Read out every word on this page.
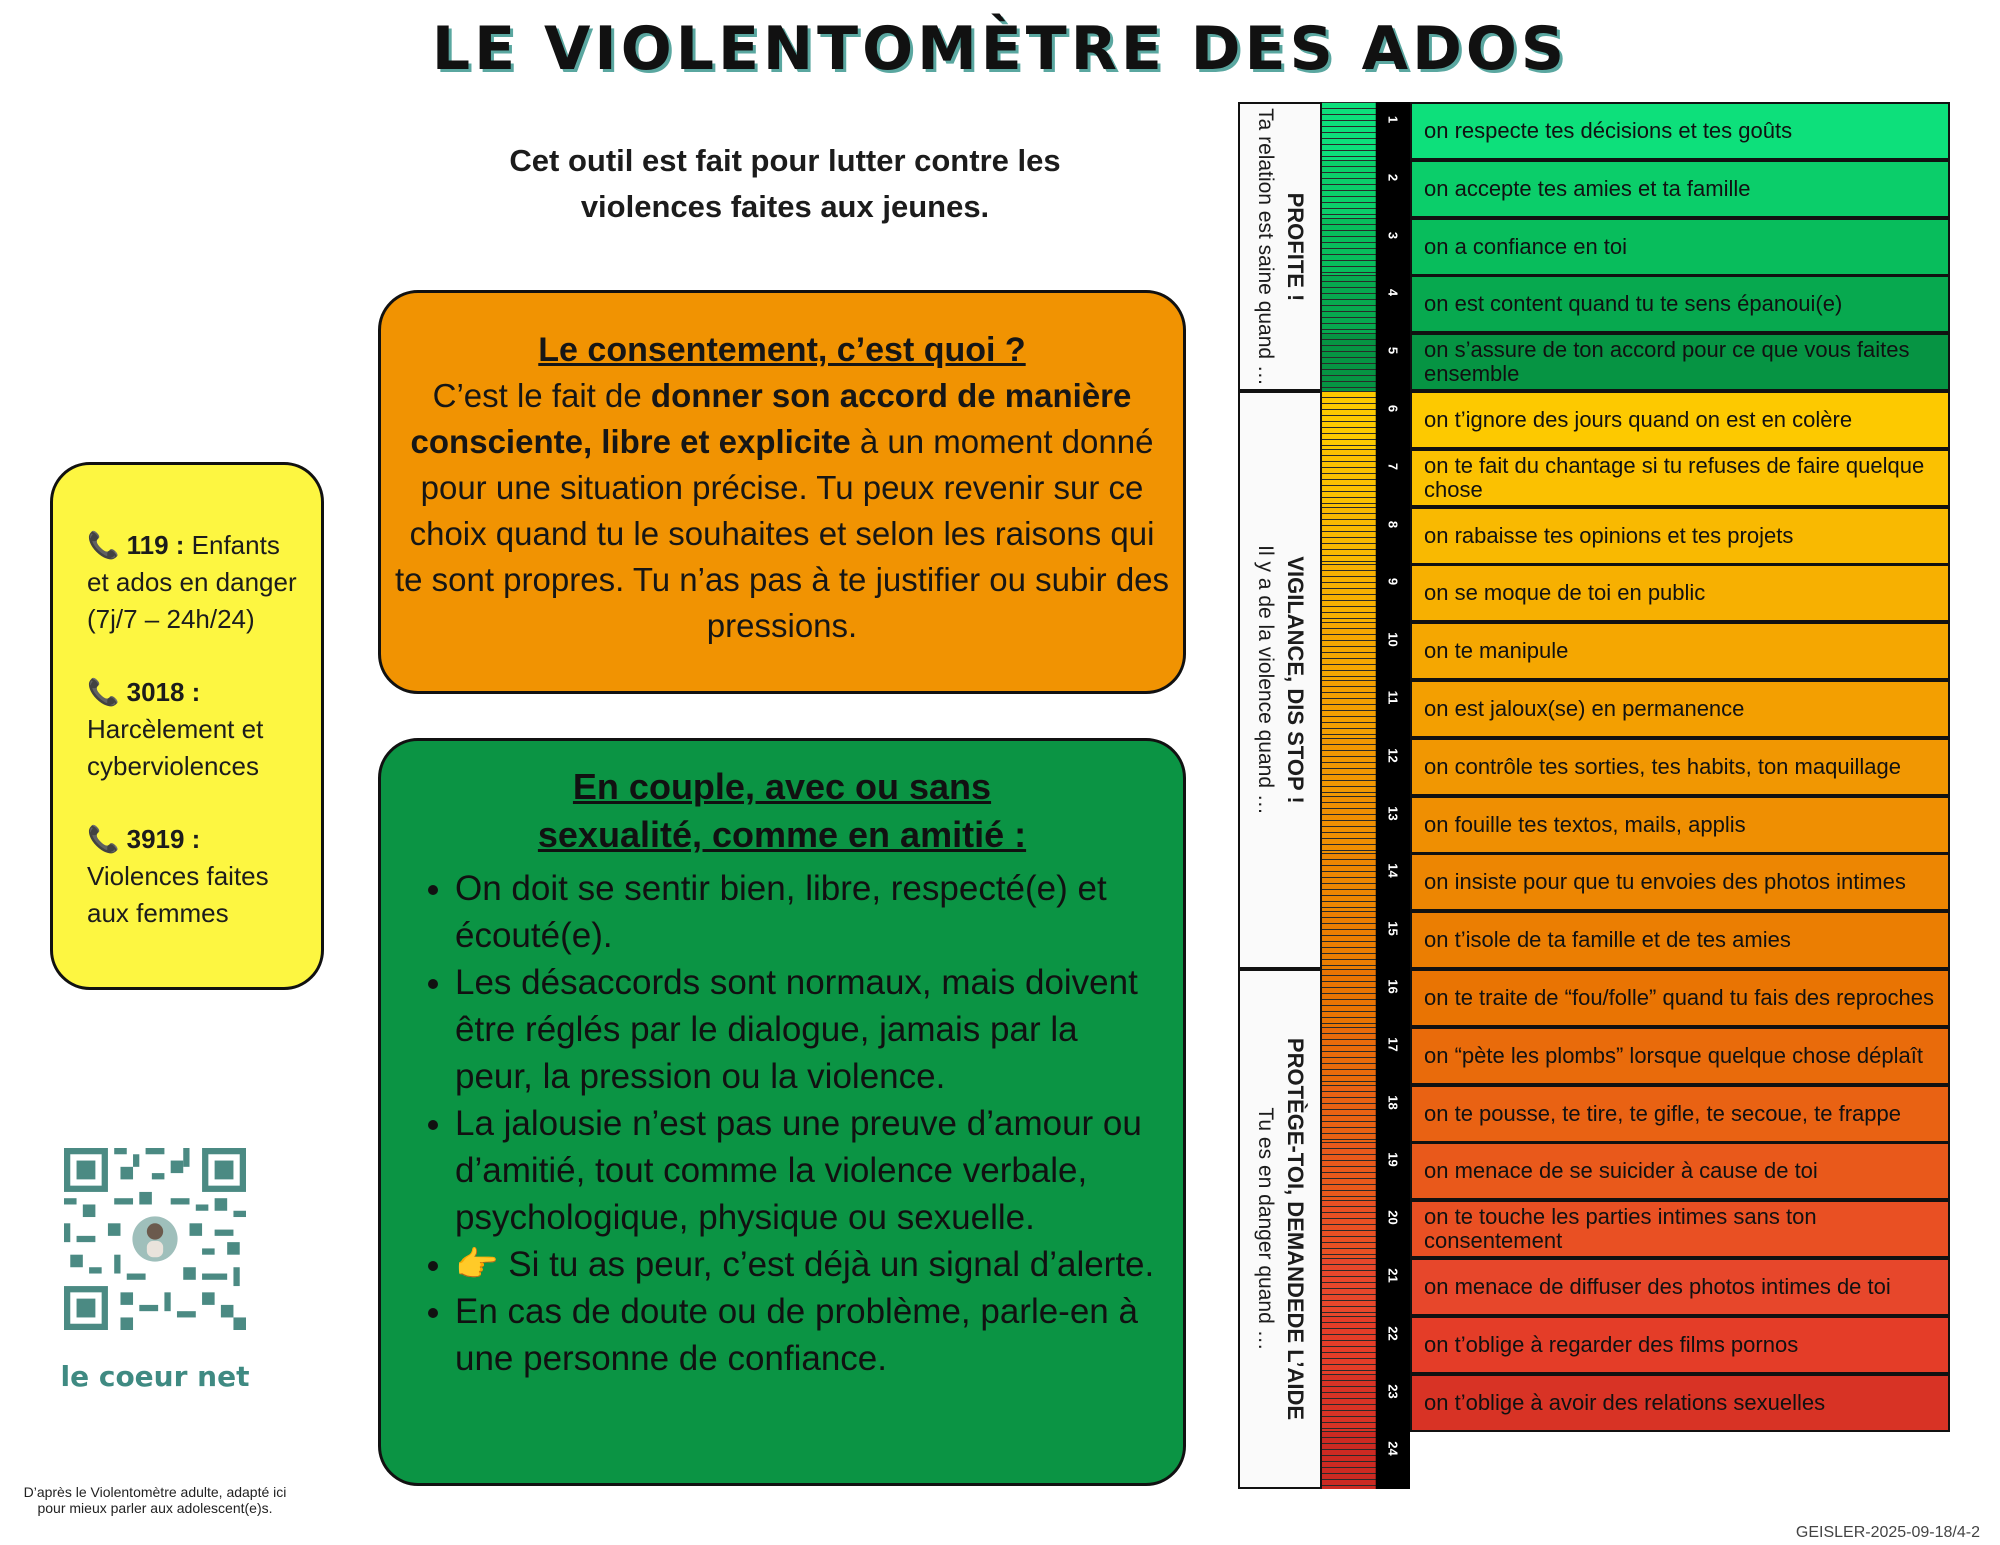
LE VIOLENTOMÈTRE DES ADOS
Cet outil est fait pour lutter contre les
violences faites aux jeunes.
Le consentement, c’est quoi ?
C’est le fait de donner son accord de manière consciente, libre et explicite à un moment donné pour une situation précise. Tu peux revenir sur ce choix quand tu le souhaites et selon les raisons qui te sont propres. Tu n’as pas à te justifier ou subir des pressions.
En couple, avec ou sans
sexualité, comme en amitié :
• On doit se sentir bien, libre, respecté(e) et écouté(e).
• Les désaccords sont normaux, mais doivent être réglés par le dialogue, jamais par la peur, la pression ou la violence.
• La jalousie n’est pas une preuve d’amour ou d’amitié, tout comme la violence verbale, psychologique, physique ou sexuelle.
• 👉 Si tu as peur, c’est déjà un signal d’alerte.
• En cas de doute ou de problème, parle-en à une personne de confiance.
📞 119 : Enfants et ados en danger (7j/7 – 24h/24)
📞 3018 : Harcèlement et cyberviolences
📞 3919 : Violences faites aux femmes
le coeur net
D’après le Violentomètre adulte, adapté ici pour mieux parler aux adolescent(e)s.
GEISLER-2025-09-18/4-2
PROFITE !
Ta relation est saine quand …
VIGILANCE, DIS STOP !
Il y a de la violence quand …
PROTÈGE-TOI, DEMANDEDE L’AIDE
Tu es en danger quand …
1	on respecte tes décisions et tes goûts
2	on accepte tes amies et ta famille
3	on a confiance en toi
4	on est content quand tu te sens épanoui(e)
5	on s’assure de ton accord pour ce que vous faites ensemble
6	on t’ignore des jours quand on est en colère
7	on te fait du chantage si tu refuses de faire quelque chose
8	on rabaisse tes opinions et tes projets
9	on se moque de toi en public
10	on te manipule
11	on est jaloux(se) en permanence
12	on contrôle tes sorties, tes habits, ton maquillage
13	on fouille tes textos, mails, applis
14	on insiste pour que tu envoies des photos intimes
15	on t’isole de ta famille et de tes amies
16	on te traite de “fou/folle” quand tu fais des reproches
17	on “pète les plombs” lorsque quelque chose déplaît
18	on te pousse, te tire, te gifle, te secoue, te frappe
19	on menace de se suicider à cause de toi
20	on te touche les parties intimes sans ton consentement
21	on menace de diffuser des photos intimes de toi
22	on t’oblige à regarder des films pornos
23	on t’oblige à avoir des relations sexuelles
24
